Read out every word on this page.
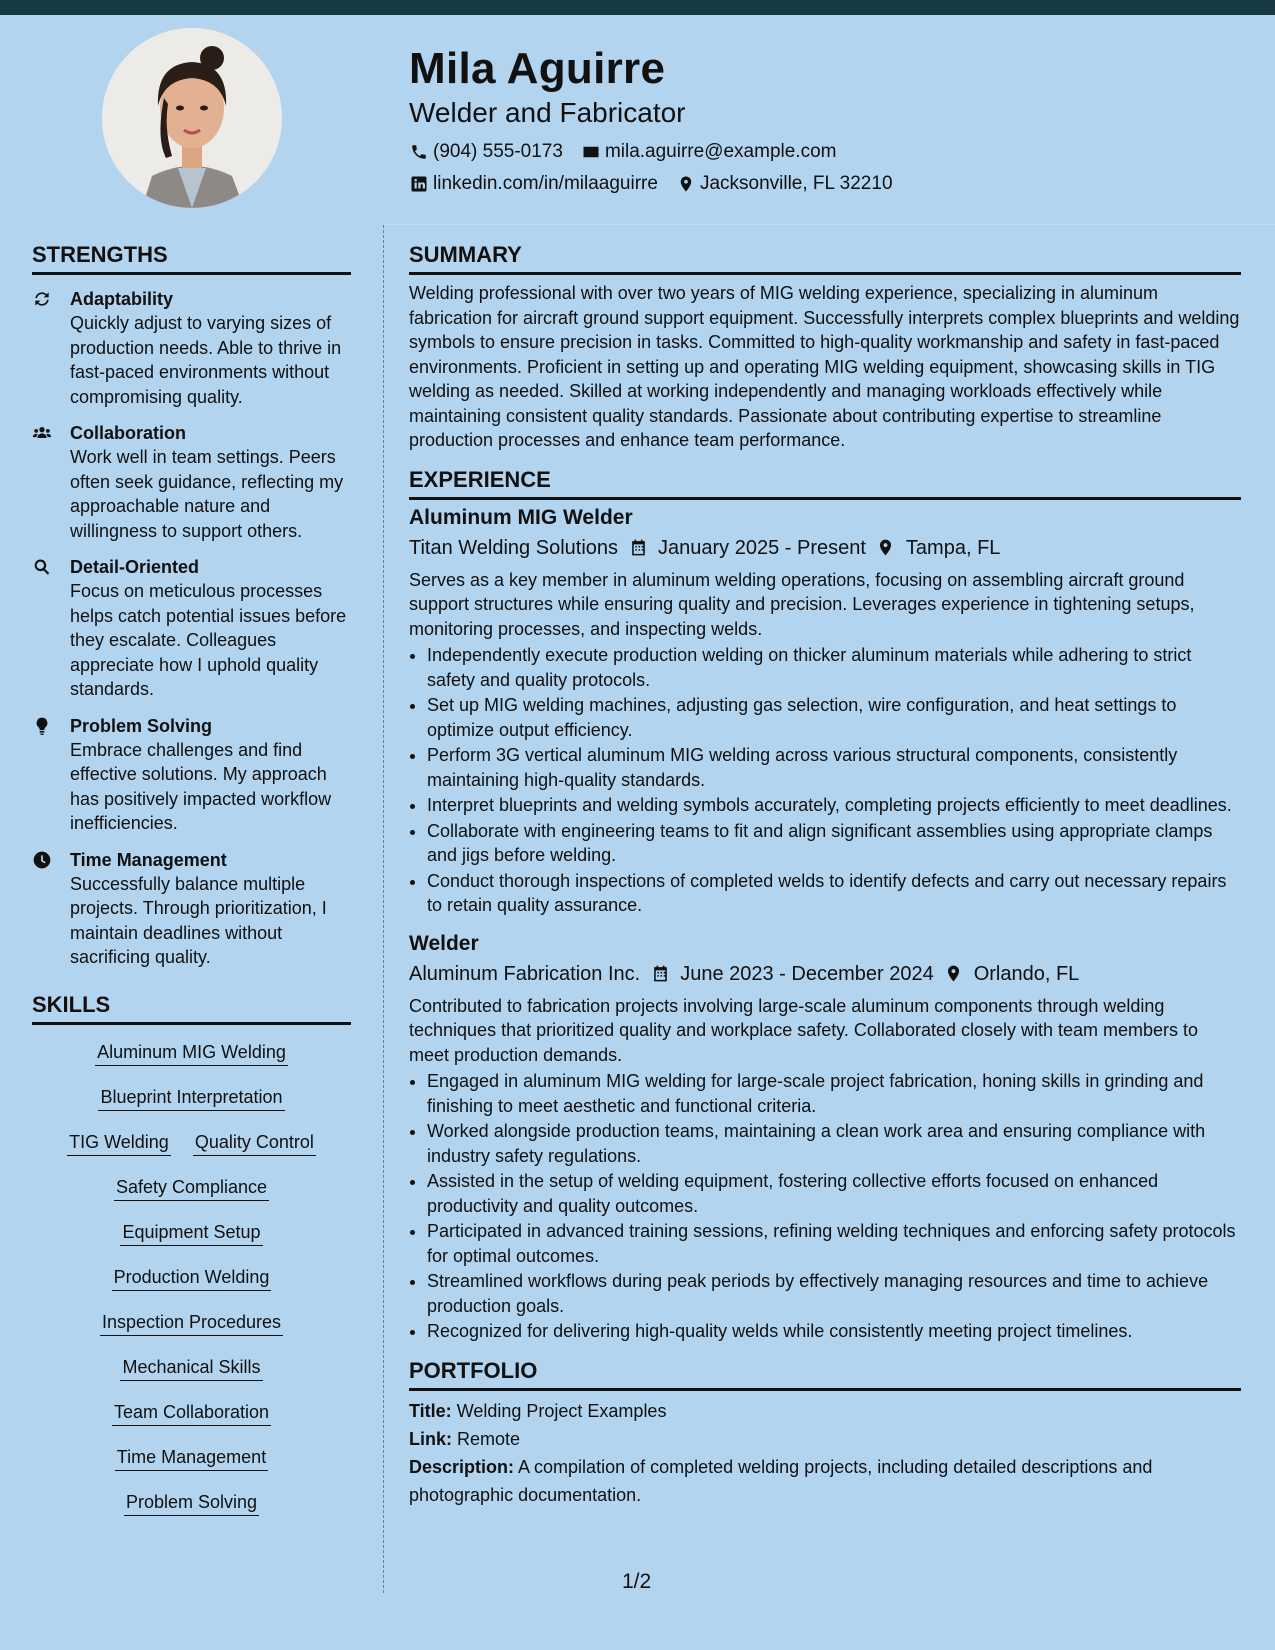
Mila Aguirre
Welder and Fabricator
(904) 555-0173 mila.aguirre@example.com
linkedin.com/in/milaaguirre Jacksonville, FL 32210
STRENGTHS
Adaptability
Quickly adjust to varying sizes of production needs. Able to thrive in fast-paced environments without compromising quality.
Collaboration
Work well in team settings. Peers often seek guidance, reflecting my approachable nature and willingness to support others.
Detail-Oriented
Focus on meticulous processes helps catch potential issues before they escalate. Colleagues appreciate how I uphold quality standards.
Problem Solving
Embrace challenges and find effective solutions. My approach has positively impacted workflow inefficiencies.
Time Management
Successfully balance multiple projects. Through prioritization, I maintain deadlines without sacrificing quality.
SKILLS
Aluminum MIG Welding
Blueprint Interpretation
TIG Welding Quality Control
Safety Compliance
Equipment Setup
Production Welding
Inspection Procedures
Mechanical Skills
Team Collaboration
Time Management
Problem Solving
SUMMARY

Welding professional with over two years of MIG welding experience, specializing in aluminum fabrication for aircraft ground support equipment. Successfully interprets complex blueprints and welding symbols to ensure precision in tasks. Committed to high-quality workmanship and safety in fast-paced environments. Proficient in setting up and operating MIG welding equipment, showcasing skills in TIG welding as needed. Skilled at working independently and managing workloads effectively while maintaining consistent quality standards. Passionate about contributing expertise to streamline production processes and enhance team performance.

EXPERIENCE
Aluminum MIG Welder
Titan Welding Solutions January 2025 - Present Tampa, FL

Serves as a key member in aluminum welding operations, focusing on assembling aircraft ground support structures while ensuring quality and precision. Leverages experience in tightening setups, monitoring processes, and inspecting welds.

• Independently execute production welding on thicker aluminum materials while adhering to strict safety and quality protocols.
• Set up MIG welding machines, adjusting gas selection, wire configuration, and heat settings to optimize output efficiency.
• Perform 3G vertical aluminum MIG welding across various structural components, consistently maintaining high-quality standards.
• Interpret blueprints and welding symbols accurately, completing projects efficiently to meet deadlines.
• Collaborate with engineering teams to fit and align significant assemblies using appropriate clamps and jigs before welding.
• Conduct thorough inspections of completed welds to identify defects and carry out necessary repairs to retain quality assurance.
Welder
Aluminum Fabrication Inc. June 2023 - December 2024 Orlando, FL

Contributed to fabrication projects involving large-scale aluminum components through welding techniques that prioritized quality and workplace safety. Collaborated closely with team members to meet production demands.

• Engaged in aluminum MIG welding for large-scale project fabrication, honing skills in grinding and finishing to meet aesthetic and functional criteria.
• Worked alongside production teams, maintaining a clean work area and ensuring compliance with industry safety regulations.
• Assisted in the setup of welding equipment, fostering collective efforts focused on enhanced productivity and quality outcomes.
• Participated in advanced training sessions, refining welding techniques and enforcing safety protocols for optimal outcomes.
• Streamlined workflows during peak periods by effectively managing resources and time to achieve production goals.
• Recognized for delivering high-quality welds while consistently meeting project timelines.
PORTFOLIO
Title: Welding Project Examples
Link: Remote
Description: A compilation of completed welding projects, including detailed descriptions and photographic documentation.
1/2
